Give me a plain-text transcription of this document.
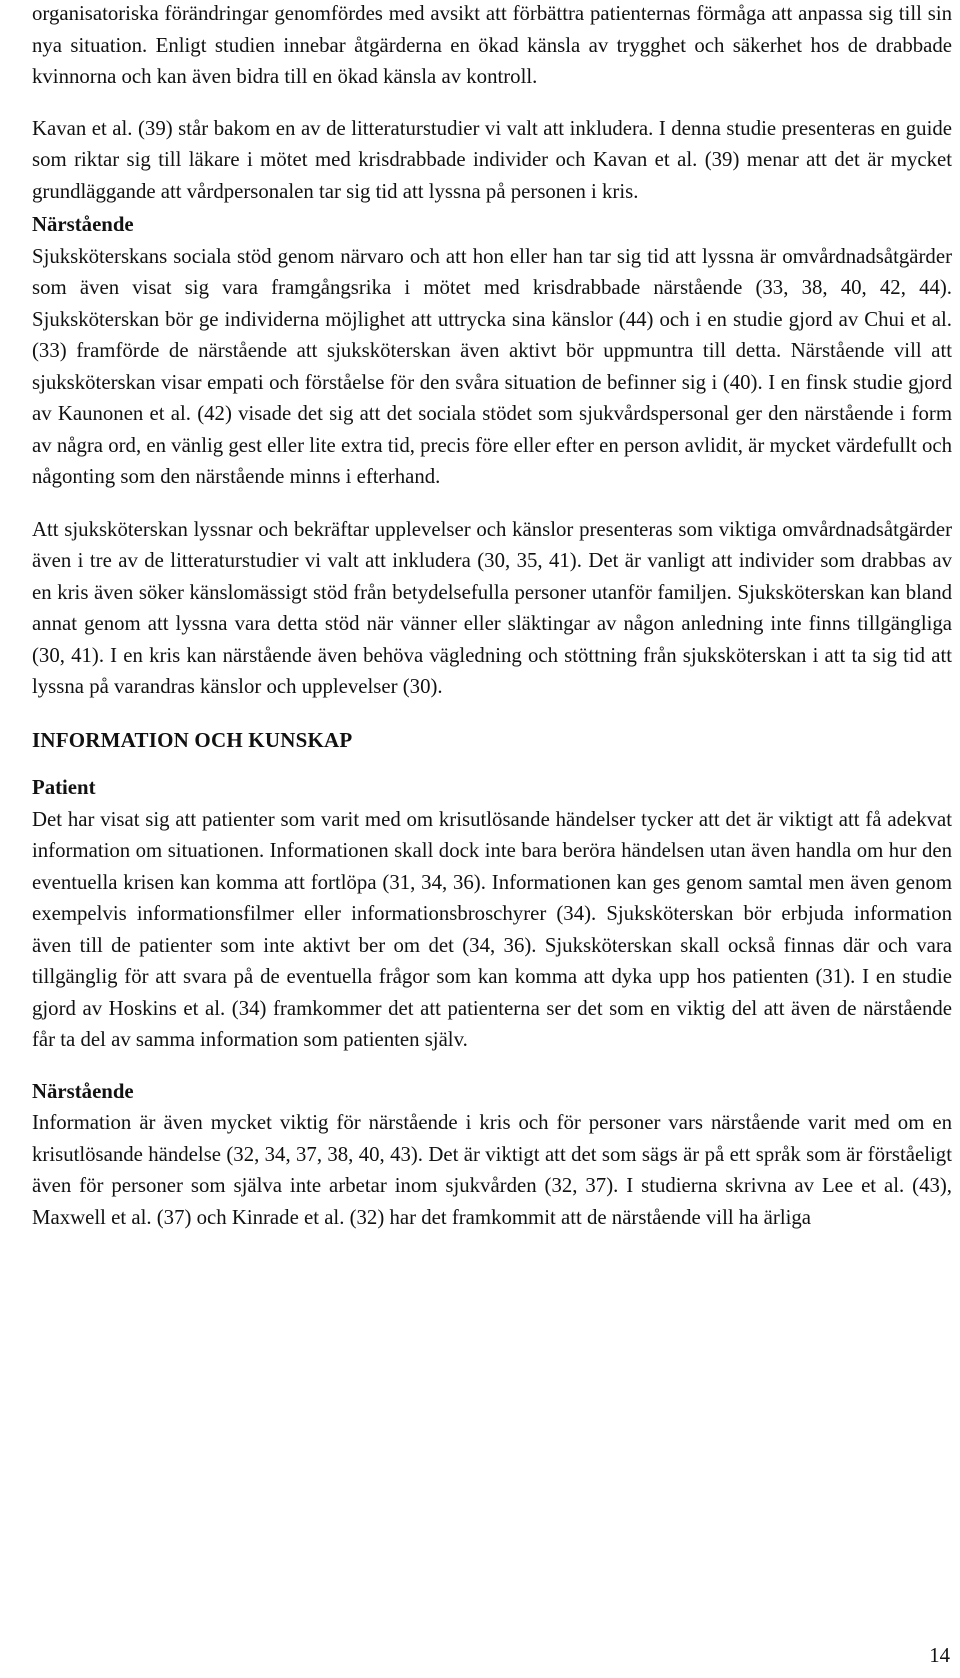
organisatoriska förändringar genomfördes med avsikt att förbättra patienternas förmåga att anpassa sig till sin nya situation. Enligt studien innebar åtgärderna en ökad känsla av trygghet och säkerhet hos de drabbade kvinnorna och kan även bidra till en ökad känsla av kontroll.

Kavan et al. (39) står bakom en av de litteraturstudier vi valt att inkludera. I denna studie presenteras en guide som riktar sig till läkare i mötet med krisdrabbade individer och Kavan et al. (39) menar att det är mycket grundläggande att vårdpersonalen tar sig tid att lyssna på personen i kris.

Närstående

Sjuksköterskans sociala stöd genom närvaro och att hon eller han tar sig tid att lyssna är omvårdnadsåtgärder som även visat sig vara framgångsrika i mötet med krisdrabbade närstående (33, 38, 40, 42, 44). Sjuksköterskan bör ge individerna möjlighet att uttrycka sina känslor (44) och i en studie gjord av Chui et al. (33) framförde de närstående att sjuksköterskan även aktivt bör uppmuntra till detta. Närstående vill att sjuksköterskan visar empati och förståelse för den svåra situation de befinner sig i (40). I en finsk studie gjord av Kaunonen et al. (42) visade det sig att det sociala stödet som sjukvårdspersonal ger den närstående i form av några ord, en vänlig gest eller lite extra tid, precis före eller efter en person avlidit, är mycket värdefullt och någonting som den närstående minns i efterhand.

Att sjuksköterskan lyssnar och bekräftar upplevelser och känslor presenteras som viktiga omvårdnadsåtgärder även i tre av de litteraturstudier vi valt att inkludera (30, 35, 41). Det är vanligt att individer som drabbas av en kris även söker känslomässigt stöd från betydelsefulla personer utanför familjen. Sjuksköterskan kan bland annat genom att lyssna vara detta stöd när vänner eller släktingar av någon anledning inte finns tillgängliga (30, 41). I en kris kan närstående även behöva vägledning och stöttning från sjuksköterskan i att ta sig tid att lyssna på varandras känslor och upplevelser (30).

INFORMATION OCH KUNSKAP

Patient

Det har visat sig att patienter som varit med om krisutlösande händelser tycker att det är viktigt att få adekvat information om situationen. Informationen skall dock inte bara beröra händelsen utan även handla om hur den eventuella krisen kan komma att fortlöpa (31, 34, 36). Informationen kan ges genom samtal men även genom exempelvis informationsfilmer eller informationsbroschyrer (34). Sjuksköterskan bör erbjuda information även till de patienter som inte aktivt ber om det (34, 36). Sjuksköterskan skall också finnas där och vara tillgänglig för att svara på de eventuella frågor som kan komma att dyka upp hos patienten (31). I en studie gjord av Hoskins et al. (34) framkommer det att patienterna ser det som en viktig del att även de närstående får ta del av samma information som patienten själv.

Närstående

Information är även mycket viktig för närstående i kris och för personer vars närstående varit med om en krisutlösande händelse (32, 34, 37, 38, 40, 43). Det är viktigt att det som sägs är på ett språk som är förståeligt även för personer som själva inte arbetar inom sjukvården (32, 37). I studierna skrivna av Lee et al. (43), Maxwell et al. (37) och Kinrade et al. (32) har det framkommit att de närstående vill ha ärliga

14
